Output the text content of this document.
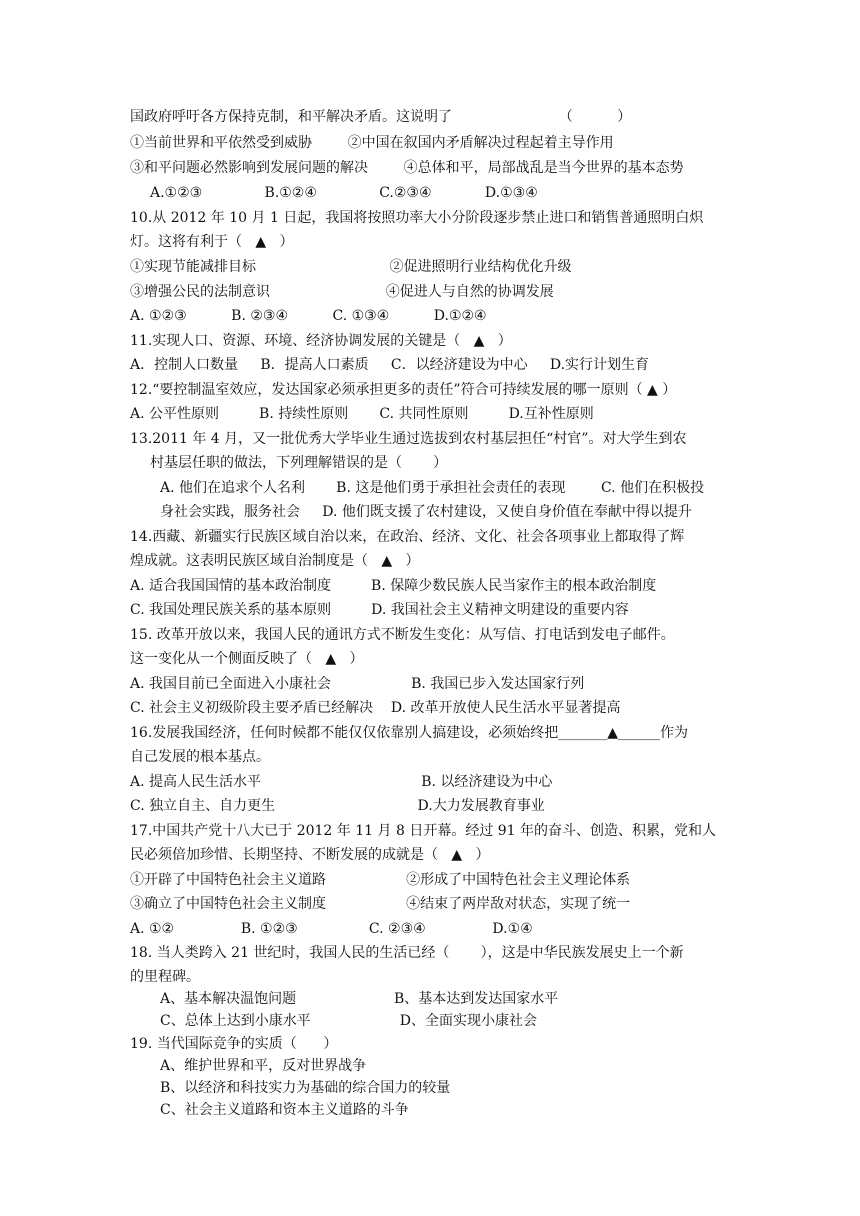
国政府呼吁各方保持克制，和平解决矛盾。这说明了                        （          ）
①当前世界和平依然受到威胁        ②中国在叙国内矛盾解决过程起着主导作用
③和平问题必然影响到发展问题的解决        ④总体和平，局部战乱是当今世界的基本态势
A.①②③              B.①②④              C.②③④            D.①③④
10.从 2012 年 10 月 1 日起，我国将按照功率大小分阶段逐步禁止进口和销售普通照明白炽
灯。这将有利于（   ▲   ）
①实现节能减排目标                              ②促进照明行业结构优化升级
③增强公民的法制意识                          ④促进人与自然的协调发展
A. ①②③          B. ②③④          C. ①③④          D.①②④
11.实现人口、资源、环境、经济协调发展的关键是（   ▲   ）
A．控制人口数量     B．提高人口素质     C．以经济建设为中心     D.实行计划生育
12.“要控制温室效应，发达国家必须承担更多的责任”符合可持续发展的哪一原则（ ▲ ）
A. 公平性原则         B. 持续性原则       C. 共同性原则         D.互补性原则
13.2011 年 4 月，又一批优秀大学毕业生通过选拔到农村基层担任“村官”。对大学生到农
村基层任职的做法，下列理解错误的是（       ）
A. 他们在追求个人名利       B. 这是他们勇于承担社会责任的表现        C. 他们在积极投
身社会实践，服务社会     D. 他们既支援了农村建设，又使自身价值在奉献中得以提升
14.西藏、新疆实行民族区域自治以来，在政治、经济、文化、社会各项事业上都取得了辉
煌成就。这表明民族区域自治制度是（   ▲   ）
A. 适合我国国情的基本政治制度         B. 保障少数民族人民当家作主的根本政治制度
C. 我国处理民族关系的基本原则         D. 我国社会主义精神文明建设的重要内容
15. 改革开放以来，我国人民的通讯方式不断发生变化：从写信、打电话到发电子邮件。
这一变化从一个侧面反映了（   ▲   ）
A. 我国目前已全面进入小康社会                  B. 我国已步入发达国家行列
C. 社会主义初级阶段主要矛盾已经解决    D. 改革开放使人民生活水平显著提高
16.发展我国经济，任何时候都不能仅仅依靠别人搞建设，必须始终把_______▲______作为
自己发展的根本基点。
A. 提高人民生活水平                                    B. 以经济建设为中心
C. 独立自主、自力更生                                D.大力发展教育事业
17.中国共产党十八大已于 2012 年 11 月 8 日开幕。经过 91 年的奋斗、创造、积累，党和人
民必须倍加珍惜、长期坚持、不断发展的成就是（   ▲   ）
①开辟了中国特色社会主义道路                  ②形成了中国特色社会主义理论体系
③确立了中国特色社会主义制度                  ④结束了两岸敌对状态，实现了统一
A. ①②               B. ①②③                C. ②③④               D.①④
18. 当人类跨入 21 世纪时，我国人民的生活已经（       ），这是中华民族发展史上一个新
的里程碑。
A、基本解决温饱问题                      B、基本达到发达国家水平
C、总体上达到小康水平                    D、全面实现小康社会
19. 当代国际竞争的实质（      ）
A、维护世界和平，反对世界战争
B、以经济和科技实力为基础的综合国力的较量
C、社会主义道路和资本主义道路的斗争
